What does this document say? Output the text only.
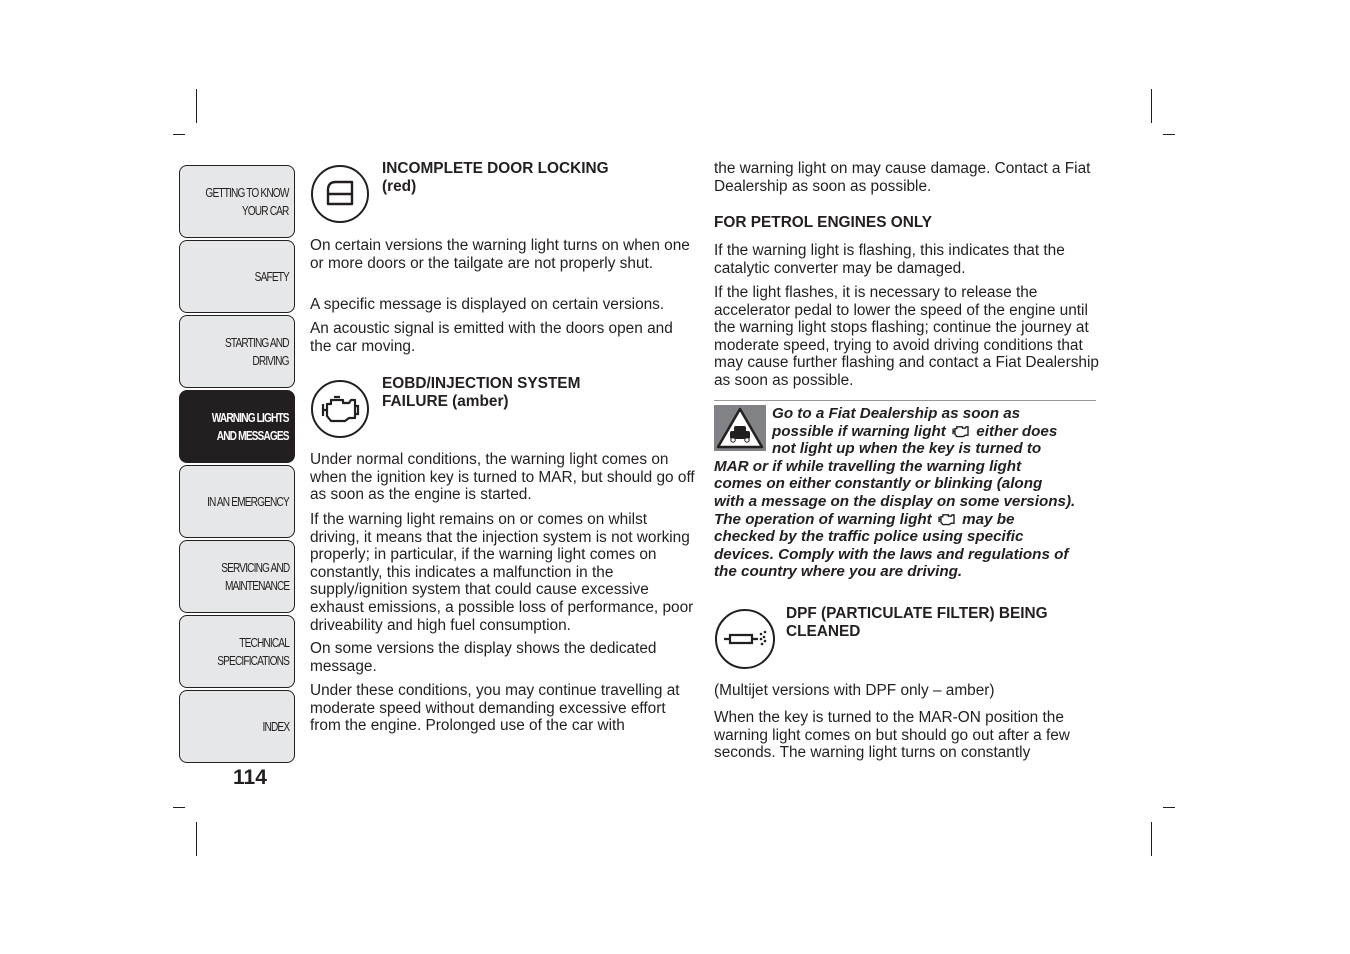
GETTING TO KNOW
YOUR CAR
SAFETY
STARTING AND
DRIVING
WARNING LIGHTS
AND MESSAGES
IN AN EMERGENCY
SERVICING AND
MAINTENANCE
TECHNICAL
SPECIFICATIONS
INDEX
114
INCOMPLETE DOOR LOCKING
(red)

On certain versions the warning light turns on when one or more doors or the tailgate are not properly shut.

A specific message is displayed on certain versions.

An acoustic signal is emitted with the doors open and the car moving.

EOBD/INJECTION SYSTEM
FAILURE (amber)

Under normal conditions, the warning light comes on when the ignition key is turned to MAR, but should go off as soon as the engine is started.

If the warning light remains on or comes on whilst driving, it means that the injection system is not working properly; in particular, if the warning light comes on constantly, this indicates a malfunction in the supply/ignition system that could cause excessive exhaust emissions, a possible loss of performance, poor driveability and high fuel consumption.

On some versions the display shows the dedicated message.

Under these conditions, you may continue travelling at moderate speed without demanding excessive effort from the engine. Prolonged use of the car with

the warning light on may cause damage. Contact a Fiat Dealership as soon as possible.

FOR PETROL ENGINES ONLY

If the warning light is flashing, this indicates that the catalytic converter may be damaged.

If the light flashes, it is necessary to release the accelerator pedal to lower the speed of the engine until the warning light stops flashing; continue the journey at moderate speed, trying to avoid driving conditions that may cause further flashing and contact a Fiat Dealership as soon as possible.

Go to a Fiat Dealership as soon as
possible if warning light either does
not light up when the key is turned to
MAR or if while travelling the warning light
comes on either constantly or blinking (along
with a message on the display on some versions).
The operation of warning light may be
checked by the traffic police using specific
devices. Comply with the laws and regulations of
the country where you are driving.
DPF (PARTICULATE FILTER) BEING
CLEANED

(Multijet versions with DPF only – amber)

When the key is turned to the MAR-ON position the warning light comes on but should go out after a few seconds. The warning light turns on constantly
